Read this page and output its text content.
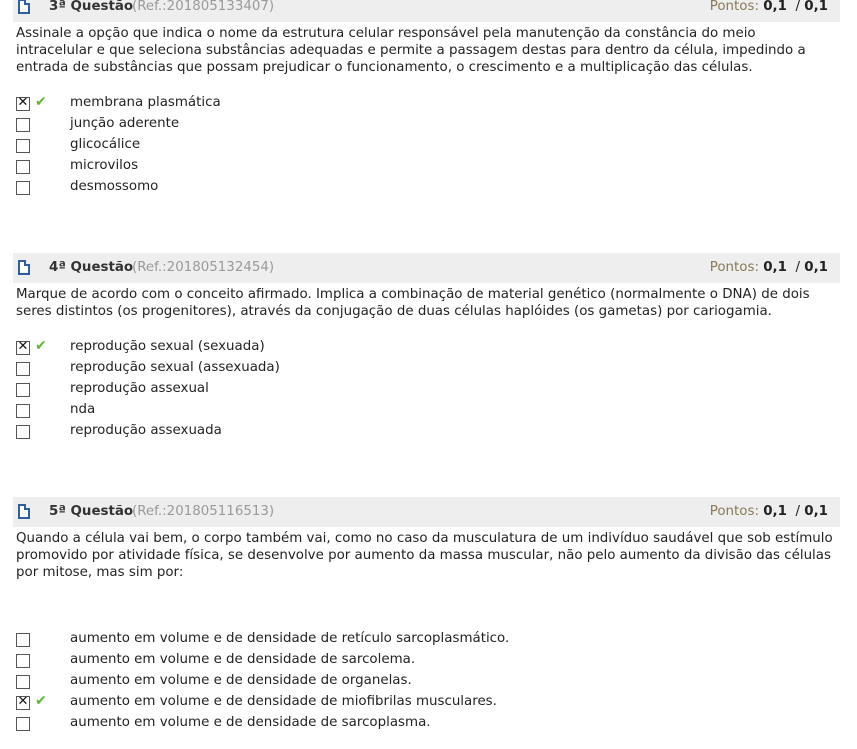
3ª Questão
(Ref.:201805133407)	Pontos: 0,1 / 0,1
Assinale a opção que indica o nome da estrutura celular responsável pela manutenção da constância do meio intracelular e que seleciona substâncias adequadas e permite a passagem destas para dentro da célula, impedindo a entrada de substâncias que possam prejudicar o funcionamento, o crescimento e a multiplicação das células.
✕
✔ membrana plasmática
junção aderente
glicocálice
microvilos
desmossomo
4ª Questão
(Ref.:201805132454)	Pontos: 0,1 / 0,1
Marque de acordo com o conceito afirmado. Implica a combinação de material genético (normalmente o DNA) de dois seres distintos (os progenitores), através da conjugação de duas células haplóides (os gametas) por cariogamia.
✕
✔ reprodução sexual (sexuada)
reprodução sexual (assexuada)
reprodução assexual
nda
reprodução assexuada
5ª Questão
(Ref.:201805116513)	Pontos: 0,1 / 0,1
Quando a célula vai bem, o corpo também vai, como no caso da musculatura de um indivíduo saudável que sob estímulo promovido por atividade física, se desenvolve por aumento da massa muscular, não pelo aumento da divisão das células por mitose, mas sim por:
aumento em volume e de densidade de retículo sarcoplasmático.
aumento em volume e de densidade de sarcolema.
aumento em volume e de densidade de organelas.
✕
✔ aumento em volume e de densidade de miofibrilas musculares.
aumento em volume e de densidade de sarcoplasma.
